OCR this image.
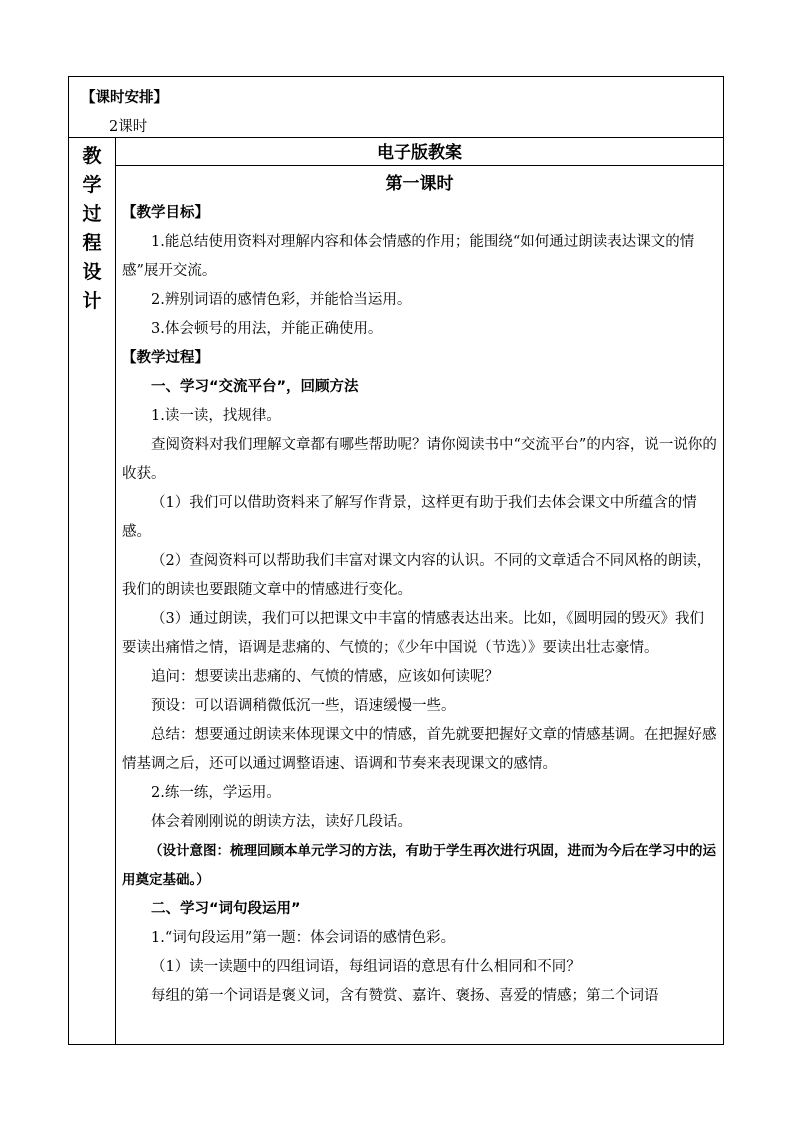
【课时安排】
2课时
教
学
过
程
设
计
电子版教案
第一课时

【教学目标】

1.能总结使用资料对理解内容和体会情感的作用；能围绕“如何通过朗读表达课文的情感”展开交流。

2.辨别词语的感情色彩，并能恰当运用。

3.体会顿号的用法，并能正确使用。

【教学过程】

一、学习“交流平台”，回顾方法

1.读一读，找规律。

查阅资料对我们理解文章都有哪些帮助呢？请你阅读书中“交流平台”的内容，说一说你的收获。

（1）我们可以借助资料来了解写作背景，这样更有助于我们去体会课文中所蕴含的情感。

（2）查阅资料可以帮助我们丰富对课文内容的认识。不同的文章适合不同风格的朗读，我们的朗读也要跟随文章中的情感进行变化。

（3）通过朗读，我们可以把课文中丰富的情感表达出来。比如，《圆明园的毁灭》我们要读出痛惜之情，语调是悲痛的、气愤的；《少年中国说（节选）》要读出壮志豪情。

追问：想要读出悲痛的、气愤的情感，应该如何读呢？

预设：可以语调稍微低沉一些，语速缓慢一些。

总结：想要通过朗读来体现课文中的情感，首先就要把握好文章的情感基调。在把握好感情基调之后，还可以通过调整语速、语调和节奏来表现课文的感情。

2.练一练，学运用。

体会着刚刚说的朗读方法，读好几段话。

（设计意图：梳理回顾本单元学习的方法，有助于学生再次进行巩固，进而为今后在学习中的运用奠定基础。）

二、学习“词句段运用”

1.“词句段运用”第一题：体会词语的感情色彩。

（1）读一读题中的四组词语，每组词语的意思有什么相同和不同？

每组的第一个词语是褒义词，含有赞赏、嘉许、褒扬、喜爱的情感；第二个词语
